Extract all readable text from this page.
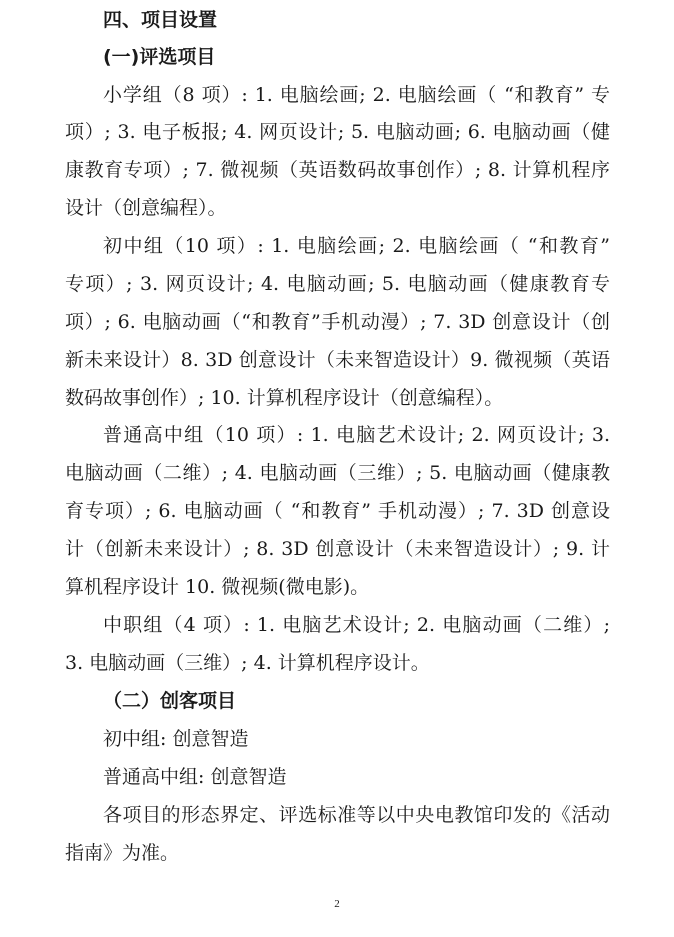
四、项目设置
(一)评选项目
小学组（8 项）: 1. 电脑绘画; 2. 电脑绘画（ “和教育” 专
项）; 3. 电子板报; 4. 网页设计; 5. 电脑动画; 6. 电脑动画（健
康教育专项）; 7. 微视频（英语数码故事创作）; 8. 计算机程序
设计（创意编程）。
初中组（10 项）: 1. 电脑绘画; 2. 电脑绘画（ “和教育”
专项）; 3. 网页设计; 4. 电脑动画; 5. 电脑动画（健康教育专
项）; 6. 电脑动画（“和教育”手机动漫）; 7. 3D 创意设计（创
新未来设计）8. 3D 创意设计（未来智造设计）9. 微视频（英语
数码故事创作）; 10. 计算机程序设计（创意编程）。
普通高中组（10 项）: 1. 电脑艺术设计; 2. 网页设计; 3.
电脑动画（二维）; 4. 电脑动画（三维）; 5. 电脑动画（健康教
育专项）; 6. 电脑动画（ “和教育” 手机动漫）; 7. 3D 创意设
计（创新未来设计）; 8. 3D 创意设计（未来智造设计）; 9. 计
算机程序设计 10. 微视频(微电影)。
中职组（4 项）: 1. 电脑艺术设计; 2. 电脑动画（二维）;
3. 电脑动画（三维）; 4. 计算机程序设计。
（二）创客项目
初中组: 创意智造
普通高中组: 创意智造
各项目的形态界定、评选标准等以中央电教馆印发的《活动
指南》为准。
2
